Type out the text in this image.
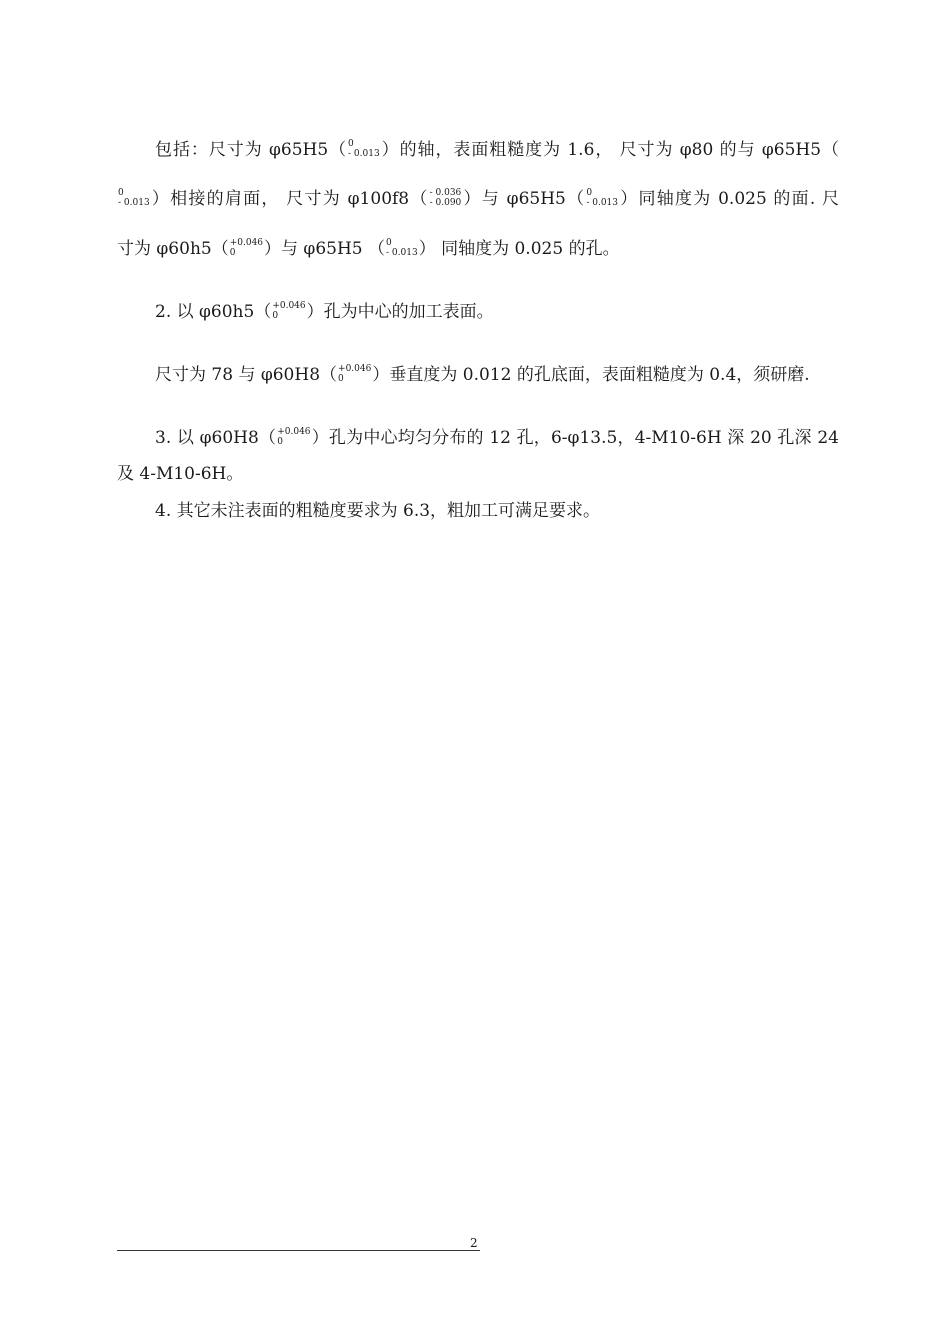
包括：尺寸为 φ65H5（ 0
- 0.013 ）的轴，表面粗糙度为 1.6， 尺寸为 φ80 的与 φ65H5（
0
- 0.013 ）相接的肩面， 尺寸为 φ100f8（ - 0.036
- 0.090 ）与 φ65H5（ 0
- 0.013 ）同轴度为 0.025 的面. 尺
寸为 φ60h5（ +0.046
0	）与 φ65H5 （ 0
- 0.013 ） 同轴度为 0.025 的孔。
2. 以 φ60h5（ +0.046
0	）孔为中心的加工表面。
尺寸为 78 与 φ60H8（ +0.046
0	）垂直度为 0.012 的孔底面，表面粗糙度为 0.4，须研磨.
3. 以 φ60H8（ +0.046
0	）孔为中心均匀分布的 12 孔，6-φ13.5，4-M10-6H 深 20 孔深 24
及 4-M10-6H。
4. 其它未注表面的粗糙度要求为 6.3，粗加工可满足要求。
2
